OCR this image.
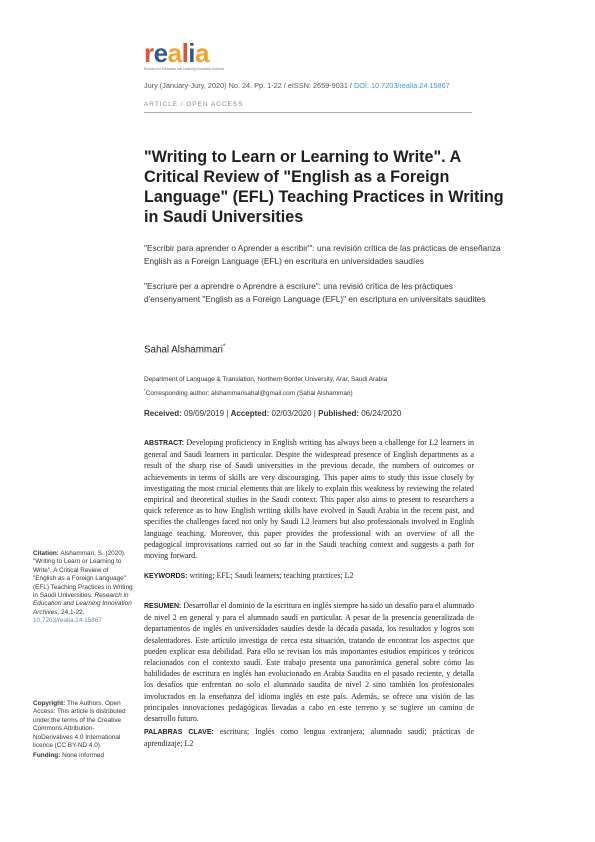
realia
Research in Education and Learning Innovation Archives
Jury (January-Jury, 2020) No. 24. Pp. 1-22 / eISSN: 2659-9031 / DOI: 10.7203/realia.24.15867
ARTICLE / OPEN ACCESS
"Writing to Learn or Learning to Write". A Critical Review of "English as a Foreign Language" (EFL) Teaching Practices in Writing in Saudi Universities
"Escribir para aprender o Aprender a escribir'": una revisión crítica de las prácticas de enseñanza English as a Foreign Language (EFL) en escritura en universidades saudíes
"Escriure per a aprendre o Aprendre a escriure": una revisió crítica de les pràctiques d'ensenyament "English as a Foreign Language (EFL)" en escriptura en universitats saudites
Sahal Alshammari*
Department of Language & Translation, Northern Border University, Arar, Saudi Arabia
*Corresponding author: alshammarisahal@gmail.com (Sahal Alshammari)
Received: 09/09/2019 | Accepted: 02/03/2020 | Published: 06/24/2020
ABSTRACT: Developing proficiency in English writing has always been a challenge for L2 learners in general and Saudi learners in particular. Despite the widespread presence of English departments as a result of the sharp rise of Saudi universities in the previous decade, the numbers of outcomes or achievements in terms of skills are very discouraging. This paper aims to study this issue closely by investigating the most crucial elements that are likely to explain this weakness by reviewing the related empirical and theoretical studies in the Saudi context. This paper also aims to present to researchers a quick reference as to how English writing skills have evolved in Saudi Arabia in the recent past, and specifies the challenges faced not only by Saudi L2 learners but also professionals involved in English language teaching. Moreover, this paper provides the professional with an overview of all the pedagogical improvisations carried out so far in the Saudi teaching context and suggests a path for moving forward.
KEYWORDS: writing; EFL; Saudi learners; teaching practices; L2
RESUMEN: Desarrollar el dominio de la escritura en inglés siempre ha sido un desafío para el alumnado de nivel 2 en general y para el alumnado saudí en particular. A pesar de la presencia generalizada de departamentos de inglés en universidades saudíes desde la década pasada, los resultados y logros son desalentadores. Este artículo investiga de cerca esta situación, tratando de encontrar los aspectos que pueden explicar esta debilidad. Para ello se revisan los más importantes estudios empíricos y teóricos relacionados con el contexto saudí. Este trabajo presenta una panorámica general sobre cómo las habilidades de escritura en inglés han evolucionado en Arabia Saudita en el pasado reciente, y detalla los desafíos que enfrentan no solo el alumnado saudita de nivel 2 sino también los profesionales involucrados en la enseñanza del idioma inglés en este país. Además, se ofrece una visión de las principales innovaciones pedagógicas llevadas a cabo en este terreno y se sugiere un camino de desarrollo futuro.
PALABRAS CLAVE: escritura; Inglés como lengua extranjera; alumnado saudí; prácticas de aprendizaje; L2
Citation: Alshammari, S. (2020). "Writing to Learn or Learning to Write". A Critical Review of "English as a Foreign Language" (EFL) Teaching Practices in Writing in Saudi Universities. Research in Education and Learning Innovation Archives, 24,1-22. 10.7203/realia.24.15867
Copyright: The Authors. Open Access: This article is distributed under the terms of the Creative Commons Attribution-NoDerivatives 4.0 International licence (CC BY-ND 4.0)
Funding: None informed
